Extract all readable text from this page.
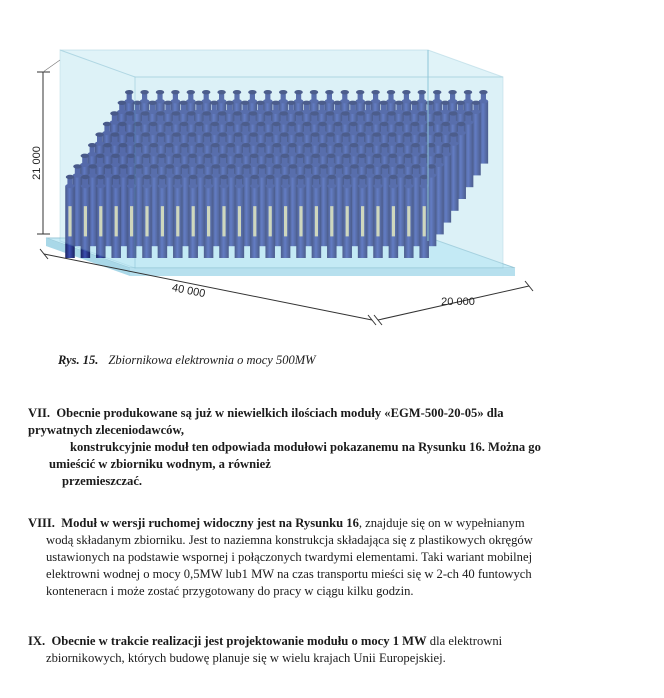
21 000
40 000
20 000
Rys. 15. Zbiornikowa elektrownia o mocy 500MW
VII. Obecnie produkowane są już w niewielkich ilościach moduły «EGM-500-20-05» dla
prywatnych zleceniodawców,
konstrukcyjnie moduł ten odpowiada modułowi pokazanemu na Rysunku 16. Można go
umieścić w zbiorniku wodnym, a również
przemieszczać.
VIII. Moduł w wersji ruchomej widoczny jest na Rysunku 16, znajduje się on w wypełnianym
wodą składanym zbiorniku. Jest to naziemna konstrukcja składająca się z plastikowych okręgów
ustawionych na podstawie wspornej i połączonych twardymi elementami. Taki wariant mobilnej
elektrowni wodnej o mocy 0,5MW lub1 MW na czas transportu mieści się w 2-ch 40 funtowych
konteneracn i może zostać przygotowany do pracy w ciągu kilku godzin.
IX. Obecnie w trakcie realizacji jest projektowanie modułu o mocy 1 MW dla elektrowni
zbiornikowych, których budowę planuje się w wielu krajach Unii Europejskiej.
